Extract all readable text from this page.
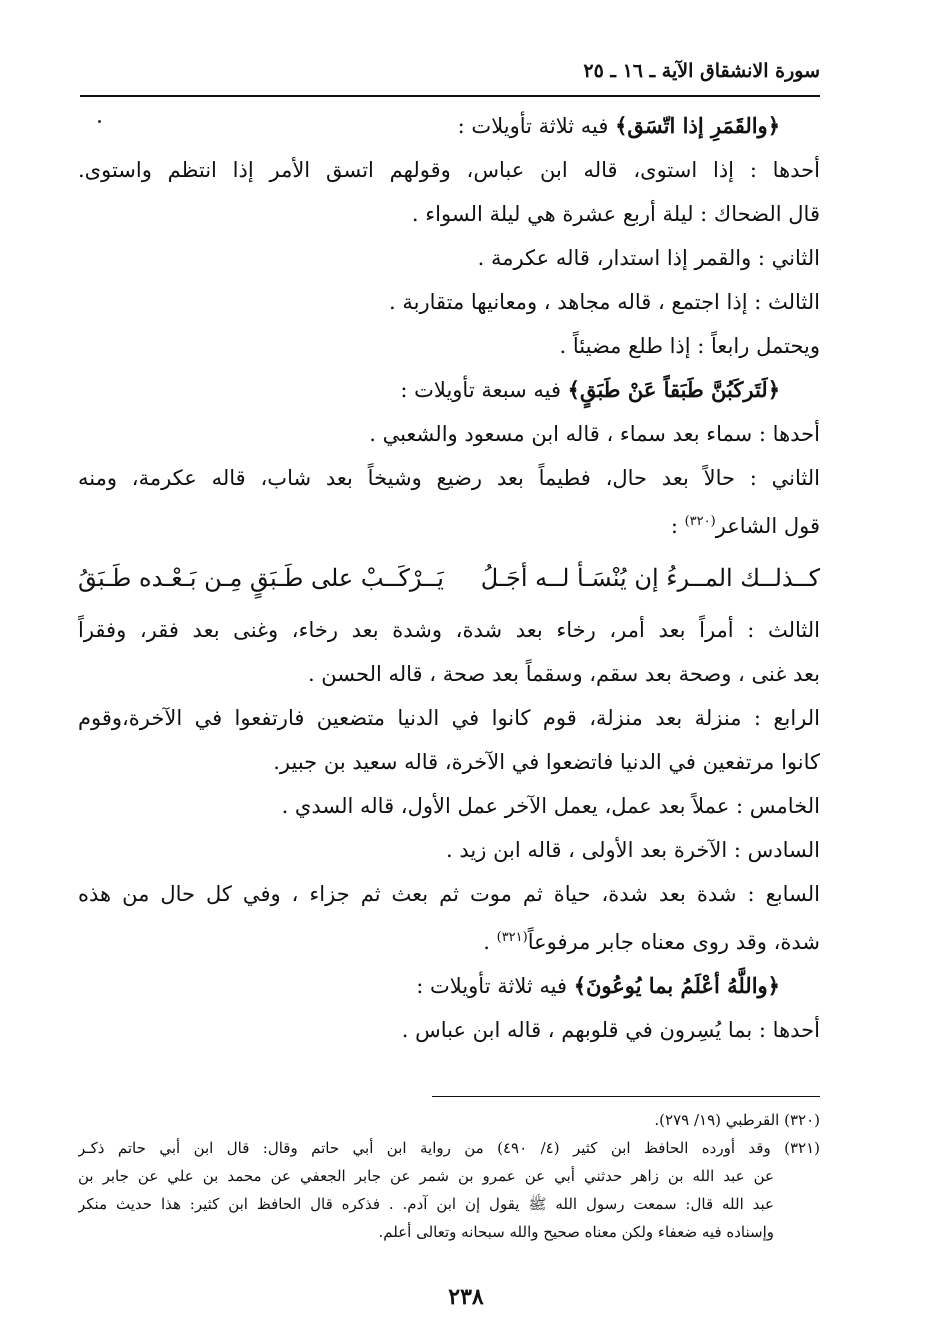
سورة الانشقاق الآية ـ ١٦ ـ ٢٥
﴿والقَمَرِ إذا اتّسَق﴾ فيه ثلاثة تأويلات :
أحدها : إذا استوى، قاله ابن عباس، وقولهم اتسق الأمر إذا انتظم واستوى.
قال الضحاك : ليلة أربع عشرة هي ليلة السواء .
الثاني : والقمر إذا استدار، قاله عكرمة .
الثالث : إذا اجتمع ، قاله مجاهد ، ومعانيها متقاربة .
ويحتمل رابعاً : إذا طلع مضيئاً .
﴿لَتَركَبُنَّ طَبَقاً عَنْ طَبَقٍ﴾ فيه سبعة تأويلات :
أحدها : سماء بعد سماء ، قاله ابن مسعود والشعبي .
الثاني : حالاً بعد حال، فطيماً بعد رضيع وشيخاً بعد شاب، قاله عكرمة، ومنه
قول الشاعر$^{(٣٢٠)}$ :
كــذلــك المــرءُ إن يُنْسَـأ لــه أجَـلُ
يَــرْكَــبْ على طَـبَقٍ مِـن بَـعْـده طَـبَقُ
الثالث : أمراً بعد أمر، رخاء بعد شدة، وشدة بعد رخاء، وغنى بعد فقر، وفقراً
بعد غنى ، وصحة بعد سقم، وسقماً بعد صحة ، قاله الحسن .
الرابع : منزلة بعد منزلة، قوم كانوا في الدنيا متضعين فارتفعوا في الآخرة،وقوم
كانوا مرتفعين في الدنيا فاتضعوا في الآخرة، قاله سعيد بن جبير.
الخامس : عملاً بعد عمل، يعمل الآخر عمل الأول، قاله السدي .
السادس : الآخرة بعد الأولى ، قاله ابن زيد .
السابع : شدة بعد شدة، حياة ثم موت ثم بعث ثم جزاء ، وفي كل حال من هذه
شدة، وقد روى معناه جابر مرفوعاً$^{(٣٢١)}$ .
﴿واللَّهُ أعْلَمُ بما يُوعُونَ﴾ فيه ثلاثة تأويلات :
أحدها : بما يُسِرون في قلوبهم ، قاله ابن عباس .
(٣٢٠) القرطبي (١٩/ ٢٧٩).
(٣٢١) وقد أورده الحافظ ابن كثير (٤/ ٤٩٠) من رواية ابن أبي حاتم وقال: قال ابن أبي حاتم ذكـر
عن عبد الله بن زاهر حدثني أبي عن عمرو بن شمر عن جابر الجعفي عن محمد بن علي عن جابر بن
عبد الله قال: سمعت رسول الله ﷺ يقول إن ابن آدم. . فذكره قال الحافظ ابن كثير: هذا حديث منكر
وإسناده فيه ضعفاء ولكن معناه صحيح والله سبحانه وتعالى أعلم.
٢٣٨
